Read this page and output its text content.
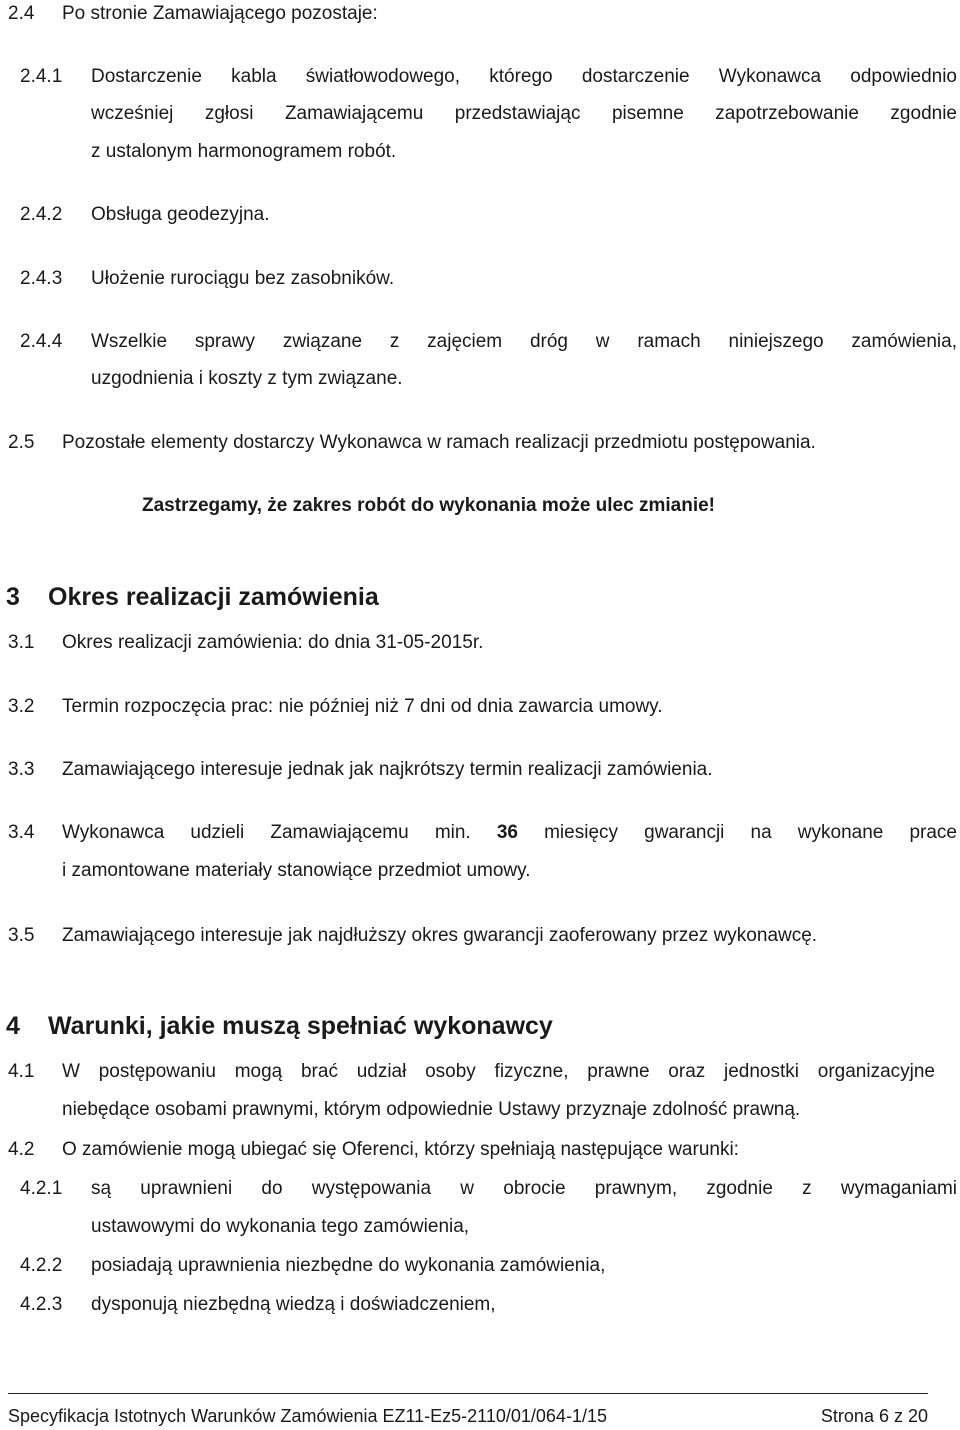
2.4 Po stronie Zamawiającego pozostaje:
2.4.1 Dostarczenie kabla światłowodowego, którego dostarczenie Wykonawca odpowiednio
wcześniej zgłosi Zamawiającemu przedstawiając pisemne zapotrzebowanie zgodnie
z ustalonym harmonogramem robót.
2.4.2 Obsługa geodezyjna.
2.4.3 Ułożenie rurociągu bez zasobników.
2.4.4 Wszelkie sprawy związane z zajęciem dróg w ramach niniejszego zamówienia,
uzgodnienia i koszty z tym związane.
2.5 Pozostałe elementy dostarczy Wykonawca w ramach realizacji przedmiotu postępowania.
Zastrzegamy, że zakres robót do wykonania może ulec zmianie!
3 Okres realizacji zamówienia
3.1 Okres realizacji zamówienia: do dnia 31-05-2015r.
3.2 Termin rozpoczęcia prac: nie później niż 7 dni od dnia zawarcia umowy.
3.3 Zamawiającego interesuje jednak jak najkrótszy termin realizacji zamówienia.
3.4 Wykonawca udzieli Zamawiającemu min. 36 miesięcy gwarancji na wykonane prace
i zamontowane materiały stanowiące przedmiot umowy.
3.5 Zamawiającego interesuje jak najdłuższy okres gwarancji zaoferowany przez wykonawcę.
4 Warunki, jakie muszą spełniać wykonawcy
4.1 W postępowaniu mogą brać udział osoby fizyczne, prawne oraz jednostki organizacyjne
niebędące osobami prawnymi, którym odpowiednie Ustawy przyznaje zdolność prawną.
4.2 O zamówienie mogą ubiegać się Oferenci, którzy spełniają następujące warunki:
4.2.1 są uprawnieni do występowania w obrocie prawnym, zgodnie z wymaganiami
ustawowymi do wykonania tego zamówienia,
4.2.2 posiadają uprawnienia niezbędne do wykonania zamówienia,
4.2.3 dysponują niezbędną wiedzą i doświadczeniem,
Specyfikacja Istotnych Warunków Zamówienia EZ11-Ez5-2110/01/064-1/15	Strona 6 z 20
